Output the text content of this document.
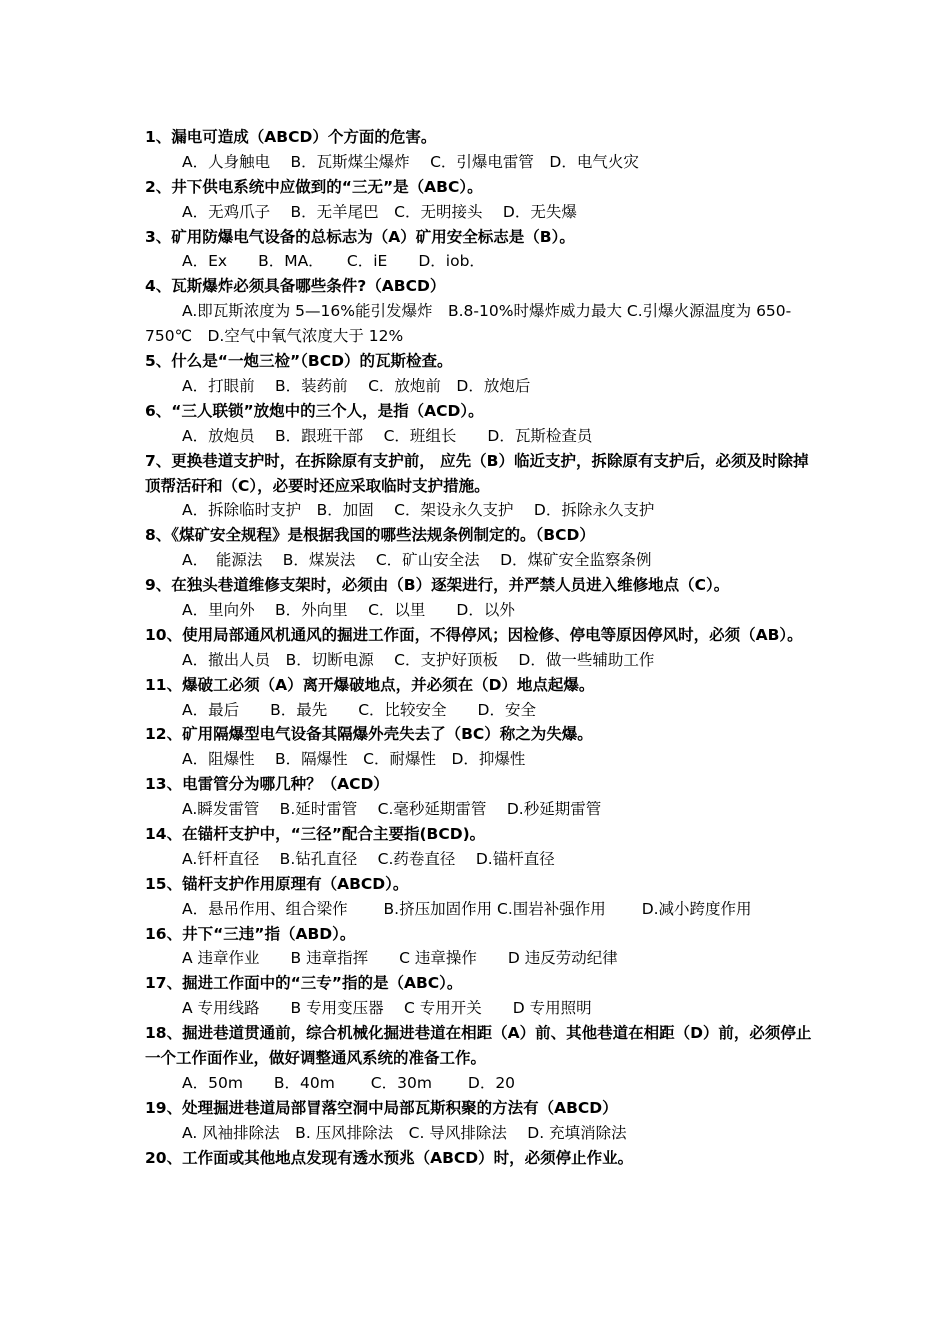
1、漏电可造成（ABCD）个方面的危害。
A．人身触电　 B．瓦斯煤尘爆炸　 C．引爆电雷管　D．电气火灾
2、井下供电系统中应做到的“三无”是（ABC）。
A．无鸡爪子　 B．无羊尾巴　C．无明接头　 D．无失爆
3、矿用防爆电气设备的总标志为（A）矿用安全标志是（B）。
A．Ex　　B．MA．　　C．iE　　D．iob．
4、瓦斯爆炸必须具备哪些条件?（ABCD）
A.即瓦斯浓度为 5—16%能引发爆炸　B.8-10%时爆炸威力最大 C.引爆火源温度为 650-750℃　D.空气中氧气浓度大于 12%
5、什么是“一炮三检”（BCD）的瓦斯检查。
A．打眼前　 B．装药前　 C．放炮前　D．放炮后
6、“三人联锁”放炮中的三个人，是指（ACD）。
A．放炮员　 B．跟班干部　 C．班组长　　D．瓦斯检查员
7、更换巷道支护时，在拆除原有支护前， 应先（B）临近支护，拆除原有支护后，必须及时除掉顶帮活矸和（C），必要时还应采取临时支护措施。
A．拆除临时支护　B．加固　 C．架设永久支护　 D．拆除永久支护
8、《煤矿安全规程》是根据我国的哪些法规条例制定的。（BCD）
A．　能源法　 B．煤炭法　 C．矿山安全法　 D．煤矿安全监察条例
9、在独头巷道维修支架时，必须由（B）逐架进行，并严禁人员进入维修地点（C）。
A．里向外　 B．外向里　 C．以里　　D．以外
10、使用局部通风机通风的掘进工作面，不得停风；因检修、停电等原因停风时，必须（AB）。
A．撤出人员　B．切断电源　 C．支护好顶板　 D．做一些辅助工作
11、爆破工必须（A）离开爆破地点，并必须在（D）地点起爆。
A．最后　　B．最先　　C．比较安全　　D．安全
12、矿用隔爆型电气设备其隔爆外壳失去了（BC）称之为失爆。
A．阻爆性　 B．隔爆性　C．耐爆性　D．抑爆性
13、电雷管分为哪几种？（ACD）
A.瞬发雷管　 B.延时雷管　 C.毫秒延期雷管　 D.秒延期雷管
14、在锚杆支护中，“三径”配合主要指(BCD)。
A.钎杆直径　 B.钻孔直径　 C.药卷直径　 D.锚杆直径
15、锚杆支护作用原理有（ABCD）。
A．悬吊作用、组合梁作　　 B.挤压加固作用 C.围岩补强作用　　 D.减小跨度作用
16、井下“三违”指（ABD）。
A 违章作业　　B 违章指挥　　C 违章操作　　D 违反劳动纪律
17、掘进工作面中的“三专”指的是（ABC）。
A 专用线路　　B 专用变压器　 C 专用开关　　D 专用照明
18、掘进巷道贯通前，综合机械化掘进巷道在相距（A）前、其他巷道在相距（D）前，必须停止一个工作面作业，做好调整通风系统的准备工作。
A．50m　　B．40m　　 C．30m　　 D．20
19、处理掘进巷道局部冒落空洞中局部瓦斯积聚的方法有（ABCD）
A. 风袖排除法　B. 压风排除法　C. 导风排除法　 D. 充填消除法
20、工作面或其他地点发现有透水预兆（ABCD）时，必须停止作业。
